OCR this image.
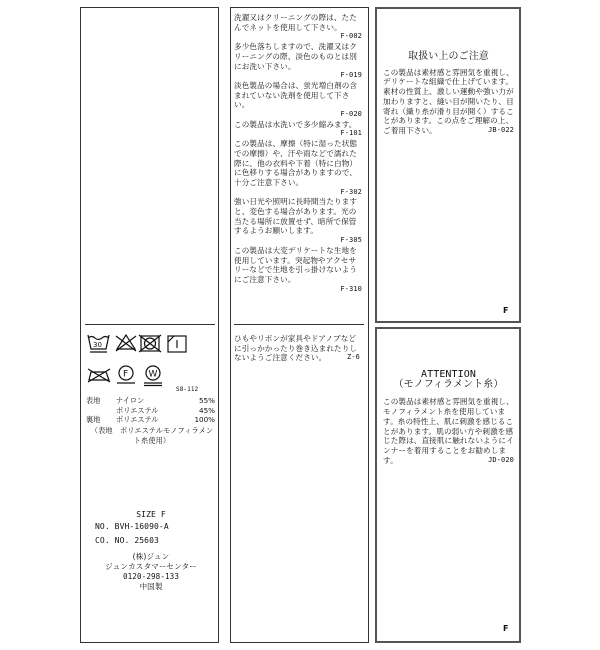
30
F W
S8-112
表地	ナイロン	55%
	ポリエステル	45%
裏地	ポリエステル	100%
（表地　ポリエステルモノフィラメント糸使用）
SIZE F
NO. BVH-16090-A
CO. NO. 25603
(株)ジュン
ジュンカスタマーセンター
0120-298-133
中国製
洗濯又はクリーニングの際は、たたんでネットを使用して下さい。
F-002
多少色落ちしますので、洗濯又はクリーニングの際、淡色のものとは別にお洗い下さい。
F-019
淡色製品の場合は、蛍光増白剤の含まれていない洗剤を使用して下さい。
F-020
この製品は水洗いで多少縮みます。
F-101
この製品は、摩擦（特に湿った状態での摩擦）や、汗や雨などで濡れた際に、他の衣料や下着（特に白物）に色移りする場合がありますので、十分ご注意下さい。
F-302
強い日光や照明に長時間当たりますと、変色する場合があります。光の当たる場所に放置せず、暗所で保管するようお願いします。
F-305
この製品は大変デリケートな生地を使用しています。突起物やアクセサリーなどで生地を引っ掛けないようにご注意下さい。
F-310
ひもやリボンが家具やドアノブなどに引っかかったり巻き込まれたりしないようご注意ください。	Z-6
取扱い上のご注意
この製品は素材感と雰囲気を重視し、デリケートな組織で仕上げています。素材の性質上、激しい運動や強い力が加わりますと、縫い目が開いたり、目寄れ（織り糸が滑り目が開く）することがあります。この点をご理解の上、ご着用下さい。	JB-022
F
ATTENTION
（モノフィラメント糸）
この製品は素材感と雰囲気を重視し、モノフィラメント糸を使用しています。糸の特性上、肌に刺激を感じることがあります。肌の弱い方や刺激を感じた際は、直接肌に触れないようにインナーを着用することをお勧めします。	JD-020
F
